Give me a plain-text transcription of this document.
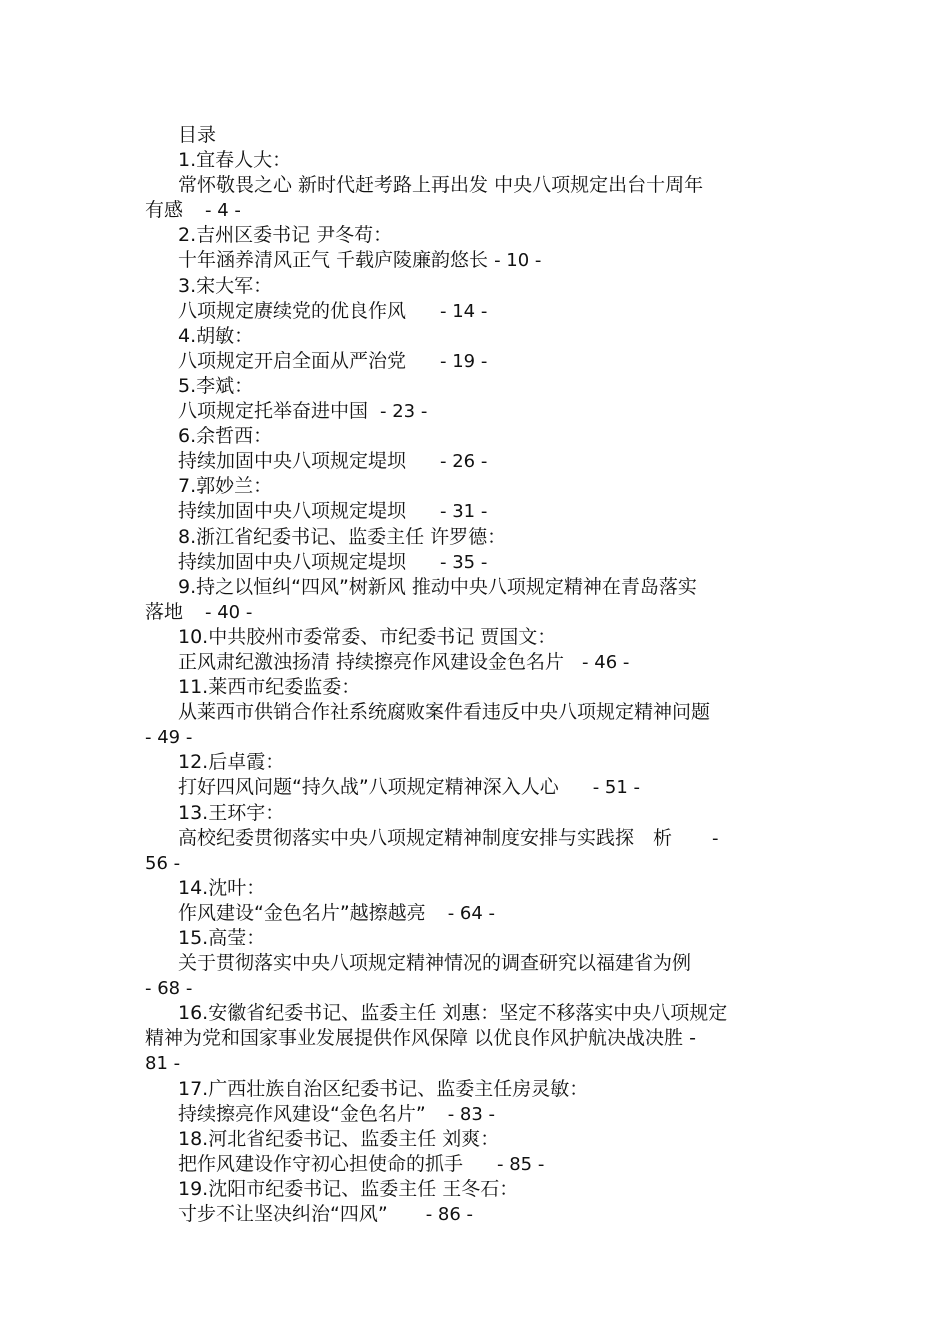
目录
1.宜春人大：
常怀敬畏之心 新时代赶考路上再出发 中央八项规定出台十周年
有感 - 4 -
2.吉州区委书记 尹冬苟：
十年涵养清风正气 千载庐陵廉韵悠长 - 10 -
3.宋大军：
八项规定赓续党的优良作风 - 14 -
4.胡敏：
八项规定开启全面从严治党 - 19 -
5.李斌：
八项规定托举奋进中国 - 23 -
6.余哲西：
持续加固中央八项规定堤坝 - 26 -
7.郭妙兰：
持续加固中央八项规定堤坝 - 31 -
8.浙江省纪委书记、监委主任 许罗德：
持续加固中央八项规定堤坝 - 35 -
9.持之以恒纠“四风”树新风 推动中央八项规定精神在青岛落实
落地 - 40 -
10.中共胶州市委常委、市纪委书记 贾国文：
正风肃纪激浊扬清 持续擦亮作风建设金色名片 - 46 -
11.莱西市纪委监委：
从莱西市供销合作社系统腐败案件看违反中央八项规定精神问题
- 49 -
12.后卓霞：
打好四风问题“持久战”八项规定精神深入人心 - 51 -
13.王环宇：
高校纪委贯彻落实中央八项规定精神制度安排与实践探　析 -
56 -
14.沈叶：
作风建设“金色名片”越擦越亮 - 64 -
15.高莹：
关于贯彻落实中央八项规定精神情况的调查研究以福建省为例
- 68 -
16.安徽省纪委书记、监委主任 刘惠：坚定不移落实中央八项规定
精神为党和国家事业发展提供作风保障 以优良作风护航决战决胜 -
81 -
17.广西壮族自治区纪委书记、监委主任房灵敏：
持续擦亮作风建设“金色名片” - 83 -
18.河北省纪委书记、监委主任 刘爽：
把作风建设作守初心担使命的抓手 - 85 -
19.沈阳市纪委书记、监委主任 王冬石：
寸步不让坚决纠治“四风” - 86 -
